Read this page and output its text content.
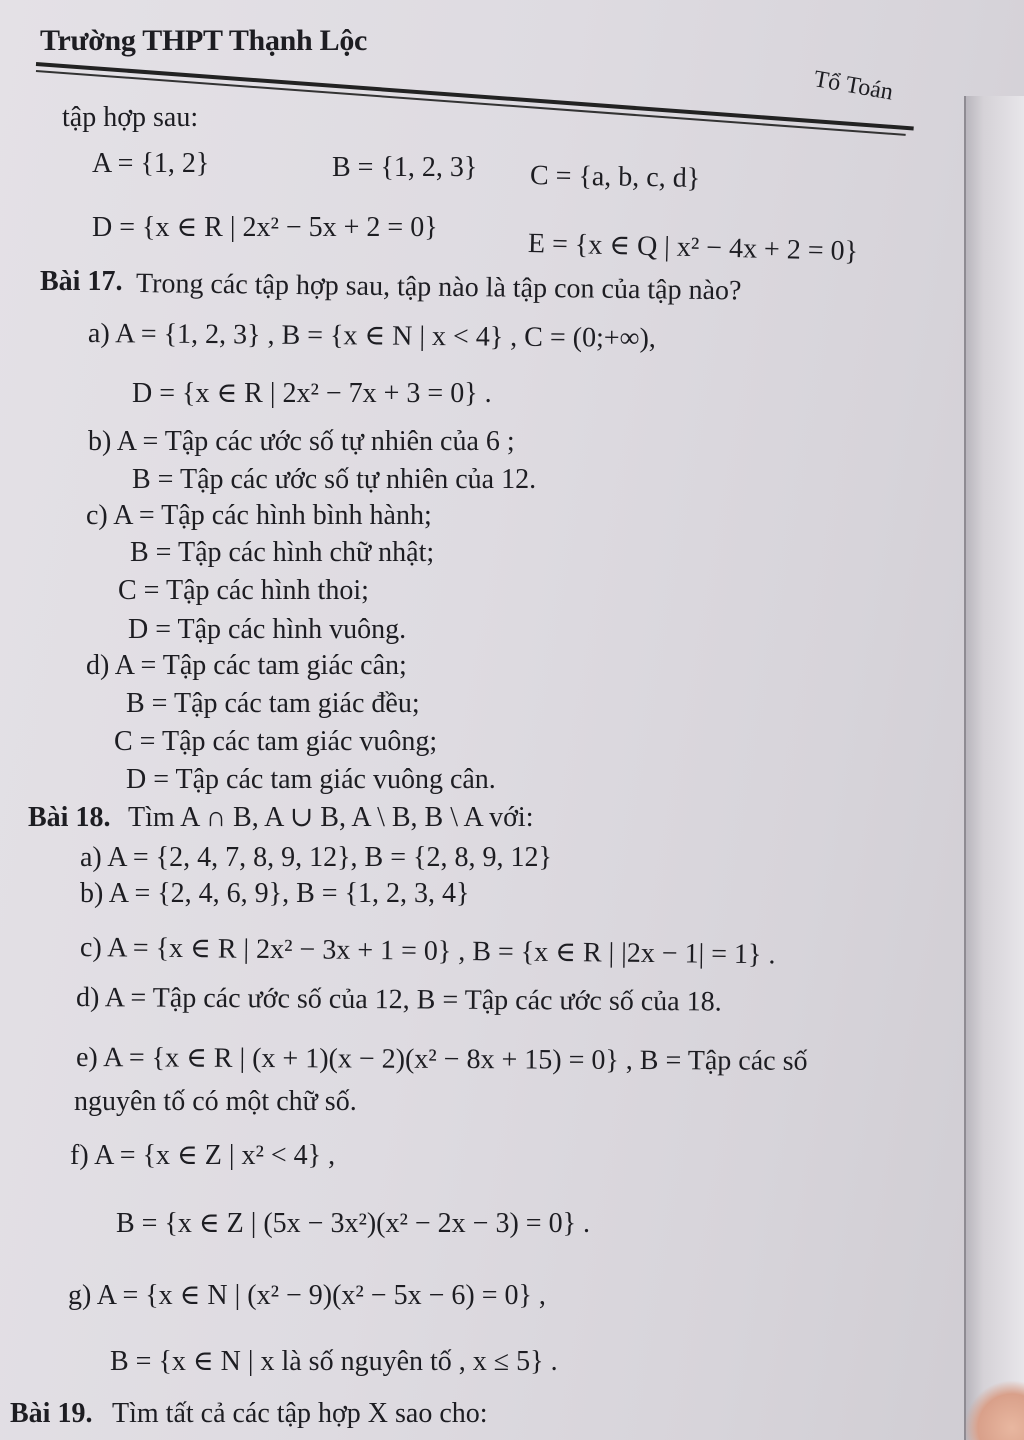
Trường THPT Thạnh Lộc
Tổ Toán
tập hợp sau:
A = {1, 2}	B = {1, 2, 3} C = {a, b, c, d}
D = {x ∈ R | 2x² − 5x + 2 = 0}
E = {x ∈ Q | x² − 4x + 2 = 0}
Bài 17. Trong các tập hợp sau, tập nào là tập con của tập nào?
a) A = {1, 2, 3} , B = {x ∈ N | x < 4} , C = (0;+∞),
D = {x ∈ R | 2x² − 7x + 3 = 0} .
b) A = Tập các ước số tự nhiên của 6 ;
B = Tập các ước số tự nhiên của 12.
c) A = Tập các hình bình hành;
B = Tập các hình chữ nhật;
C = Tập các hình thoi;
D = Tập các hình vuông.
d) A = Tập các tam giác cân;
B = Tập các tam giác đều;
C = Tập các tam giác vuông;
D = Tập các tam giác vuông cân.
Bài 18. Tìm A ∩ B, A ∪ B, A \ B, B \ A với:
a) A = {2, 4, 7, 8, 9, 12}, B = {2, 8, 9, 12}
b) A = {2, 4, 6, 9}, B = {1, 2, 3, 4}
c) A = {x ∈ R | 2x² − 3x + 1 = 0} , B = {x ∈ R | |2x − 1| = 1} .
d) A = Tập các ước số của 12, B = Tập các ước số của 18.
e) A = {x ∈ R | (x + 1)(x − 2)(x² − 8x + 15) = 0} , B = Tập các số
nguyên tố có một chữ số.
f) A = {x ∈ Z | x² < 4} ,
B = {x ∈ Z | (5x − 3x²)(x² − 2x − 3) = 0} .
g) A = {x ∈ N | (x² − 9)(x² − 5x − 6) = 0} ,
B = {x ∈ N | x là số nguyên tố , x ≤ 5} .
Bài 19. Tìm tất cả các tập hợp X sao cho:
